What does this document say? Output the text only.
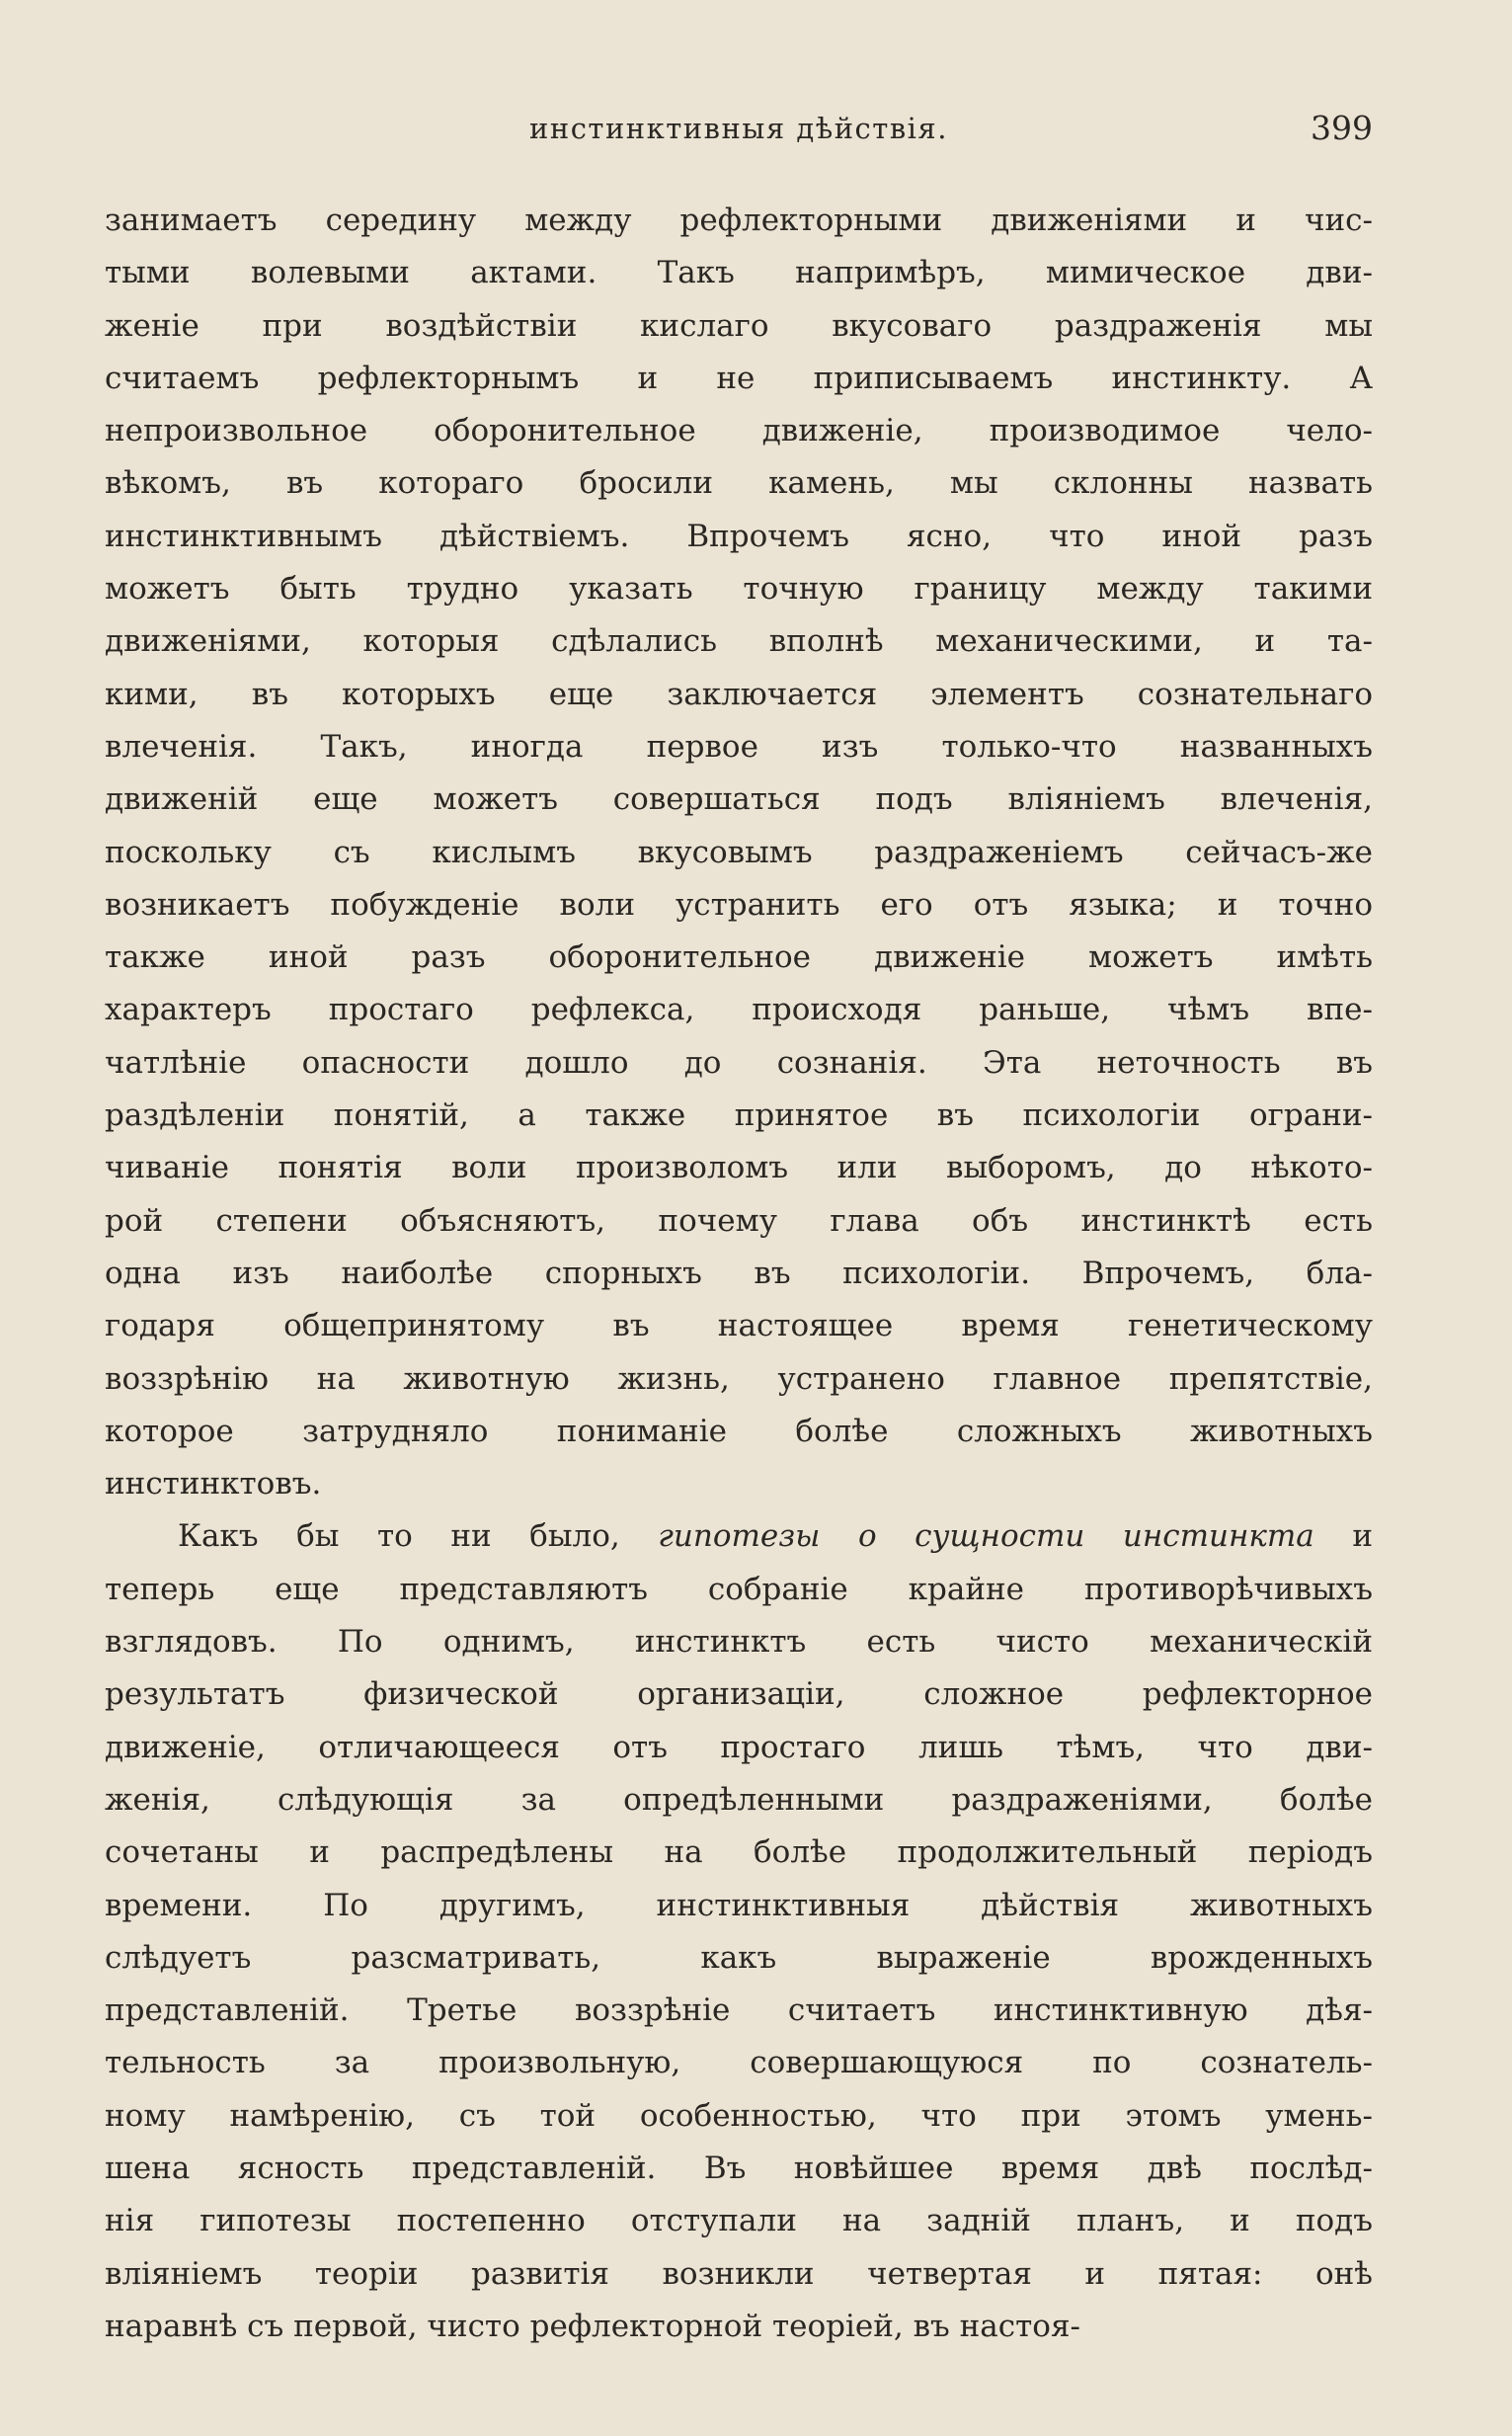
инстинктивныя дѣйствія.	399
занимаетъ середину между рефлекторными движеніями и чис-
тыми волевыми актами. Такъ напримѣръ, мимическое дви-
женіе при воздѣйствіи кислаго вкусоваго раздраженія мы
считаемъ рефлекторнымъ и не приписываемъ инстинкту. А
непроизвольное оборонительное движеніе, производимое чело-
вѣкомъ, въ котораго бросили камень, мы склонны назвать
инстинктивнымъ дѣйствіемъ. Впрочемъ ясно, что иной разъ
можетъ быть трудно указать точную границу между такими
движеніями, которыя сдѣлались вполнѣ механическими, и та-
кими, въ которыхъ еще заключается элементъ сознательнаго
влеченія. Такъ, иногда первое изъ только-что названныхъ
движеній еще можетъ совершаться подъ вліяніемъ влеченія,
поскольку съ кислымъ вкусовымъ раздраженіемъ сейчасъ-же
возникаетъ побужденіе воли устранить его отъ языка; и точно
также иной разъ оборонительное движеніе можетъ имѣть
характеръ простаго рефлекса, происходя раньше, чѣмъ впе-
чатлѣніе опасности дошло до сознанія. Эта неточность въ
раздѣленіи понятій, а также принятое въ психологіи ограни-
чиваніе понятія воли произволомъ или выборомъ, до нѣкото-
рой степени объясняютъ, почему глава объ инстинктѣ есть
одна изъ наиболѣе спорныхъ въ психологіи. Впрочемъ, бла-
годаря общепринятому въ настоящее время генетическому
воззрѣнію на животную жизнь, устранено главное препятствіе,
которое затрудняло пониманіе болѣе сложныхъ животныхъ
инстинктовъ.
Какъ бы то ни было, гипотезы о сущности инстинкта и
теперь еще представляютъ собраніе крайне противорѣчивыхъ
взглядовъ. По однимъ, инстинктъ есть чисто механическій
результатъ физической организаціи, сложное рефлекторное
движеніе, отличающееся отъ простаго лишь тѣмъ, что дви-
женія, слѣдующія за опредѣленными раздраженіями, болѣе
сочетаны и распредѣлены на болѣе продолжительный періодъ
времени. По другимъ, инстинктивныя дѣйствія животныхъ
слѣдуетъ разсматривать, какъ выраженіе врожденныхъ
представленій. Третье воззрѣніе считаетъ инстинктивную дѣя-
тельность за произвольную, совершающуюся по сознатель-
ному намѣренію, съ той особенностью, что при этомъ умень-
шена ясность представленій. Въ новѣйшее время двѣ послѣд-
нія гипотезы постепенно отступали на задній планъ, и подъ
вліяніемъ теоріи развитія возникли четвертая и пятая: онѣ
наравнѣ съ первой, чисто рефлекторной теоріей, въ настоя-
